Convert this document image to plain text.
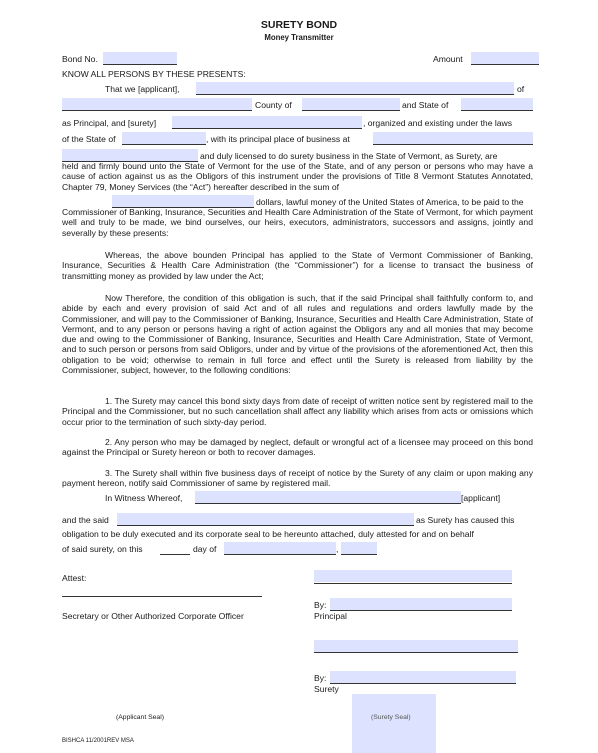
SURETY BOND
Money Transmitter
Bond No.	Amount
KNOW ALL PERSONS BY THESE PRESENTS:
That we [applicant],	of
County of	and State of
as Principal, and [surety]	, organized and existing under the laws
of the State of	, with its principal place of business at
and duly licensed to do surety business in the State of Vermont, as Surety, are
held and firmly bound unto the State of Vermont for the use of the State, and of any person or persons who may have a cause of action against us as the Obligors of this instrument under the provisions of Title 8 Vermont Statutes Annotated, Chapter 79, Money Services (the “Act”) hereafter described in the sum of
dollars, lawful money of the United States of America, to be paid to the
Commissioner of Banking, Insurance, Securities and Health Care Administration of the State of Vermont, for which payment well and truly to be made, we bind ourselves, our heirs, executors, administrators, successors and assigns, jointly and severally by these presents:
Whereas, the above bounden Principal has applied to the State of Vermont Commissioner of Banking, Insurance, Securities & Health Care Administration (the “Commissioner”) for a license to transact the business of transmitting money as provided by law under the Act;
Now Therefore, the condition of this obligation is such, that if the said Principal shall faithfully conform to, and abide by each and every provision of said Act and of all rules and regulations and orders lawfully made by the Commissioner, and will pay to the Commissioner of Banking, Insurance, Securities and Health Care Administration, State of Vermont, and to any person or persons having a right of action against the Obligors any and all monies that may become due and owing to the Commissioner of Banking, Insurance, Securities and Health Care Administration, State of Vermont, and to such person or persons from said Obligors, under and by virtue of the provisions of the aforementioned Act, then this obligation to be void; otherwise to remain in full force and effect until the Surety is released from liability by the Commissioner, subject, however, to the following conditions:
1. The Surety may cancel this bond sixty days from date of receipt of written notice sent by registered mail to the Principal and the Commissioner, but no such cancellation shall affect any liability which arises from acts or omissions which occur prior to the termination of such sixty-day period.
2. Any person who may be damaged by neglect, default or wrongful act of a licensee may proceed on this bond against the Principal or Surety hereon or both to recover damages.
3. The Surety shall within five business days of receipt of notice by the Surety of any claim or upon making any payment hereon, notify said Commissioner of same by registered mail.
In Witness Whereof,	[applicant]
and the said	as Surety has caused this
obligation to be duly executed and its corporate seal to be hereunto attached, duly attested for and on behalf
of said surety, on this	day of	,
Attest:
By:
Principal
Secretary or Other Authorized Corporate Officer
By:
Surety
(Applicant Seal)	(Surety Seal)
BISHCA 11/2001REV MSA
